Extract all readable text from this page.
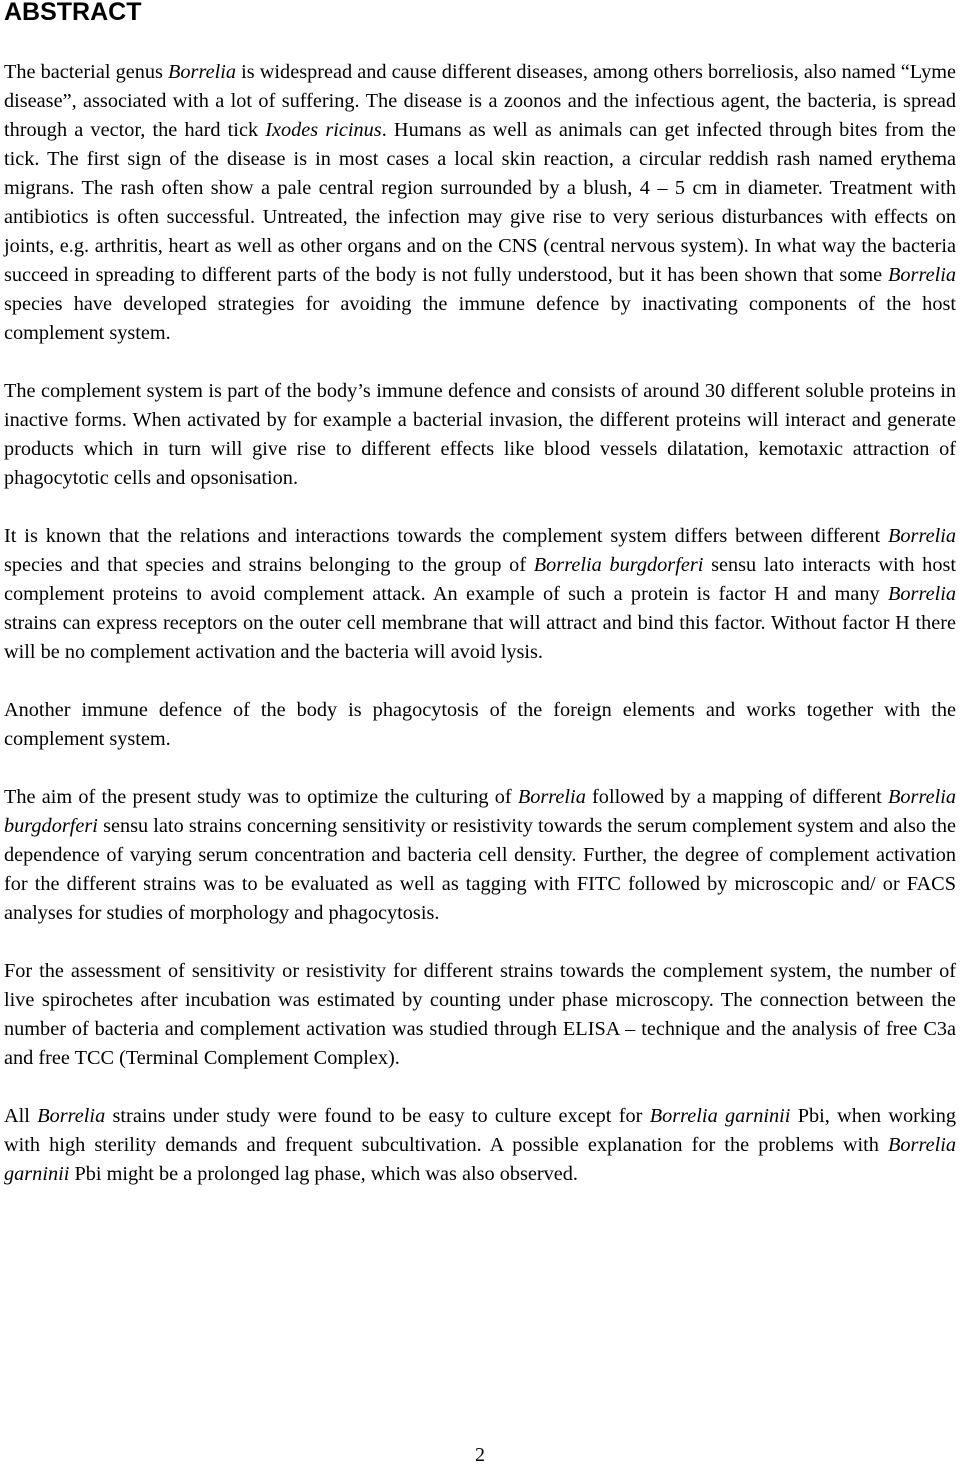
ABSTRACT

The bacterial genus Borrelia is widespread and cause different diseases, among others borreliosis, also named “Lyme disease”, associated with a lot of suffering. The disease is a zoonos and the infectious agent, the bacteria, is spread through a vector, the hard tick Ixodes ricinus. Humans as well as animals can get infected through bites from the tick. The first sign of the disease is in most cases a local skin reaction, a circular reddish rash named erythema migrans. The rash often show a pale central region surrounded by a blush, 4 – 5 cm in diameter. Treatment with antibiotics is often successful. Untreated, the infection may give rise to very serious disturbances with effects on joints, e.g. arthritis, heart as well as other organs and on the CNS (central nervous system). In what way the bacteria succeed in spreading to different parts of the body is not fully understood, but it has been shown that some Borrelia species have developed strategies for avoiding the immune defence by inactivating components of the host complement system.

The complement system is part of the body’s immune defence and consists of around 30 different soluble proteins in inactive forms. When activated by for example a bacterial invasion, the different proteins will interact and generate products which in turn will give rise to different effects like blood vessels dilatation, kemotaxic attraction of phagocytotic cells and opsonisation.

It is known that the relations and interactions towards the complement system differs between different Borrelia species and that species and strains belonging to the group of Borrelia burgdorferi sensu lato interacts with host complement proteins to avoid complement attack. An example of such a protein is factor H and many Borrelia strains can express receptors on the outer cell membrane that will attract and bind this factor. Without factor H there will be no complement activation and the bacteria will avoid lysis.

Another immune defence of the body is phagocytosis of the foreign elements and works together with the complement system.

The aim of the present study was to optimize the culturing of Borrelia followed by a mapping of different Borrelia burgdorferi sensu lato strains concerning sensitivity or resistivity towards the serum complement system and also the dependence of varying serum concentration and bacteria cell density. Further, the degree of complement activation for the different strains was to be evaluated as well as tagging with FITC followed by microscopic and/ or FACS analyses for studies of morphology and phagocytosis.

For the assessment of sensitivity or resistivity for different strains towards the complement system, the number of live spirochetes after incubation was estimated by counting under phase microscopy. The connection between the number of bacteria and complement activation was studied through ELISA – technique and the analysis of free C3a and free TCC (Terminal Complement Complex).

All Borrelia strains under study were found to be easy to culture except for Borrelia garninii Pbi, when working with high sterility demands and frequent subcultivation. A possible explanation for the problems with Borrelia garninii Pbi might be a prolonged lag phase, which was also observed.

2
